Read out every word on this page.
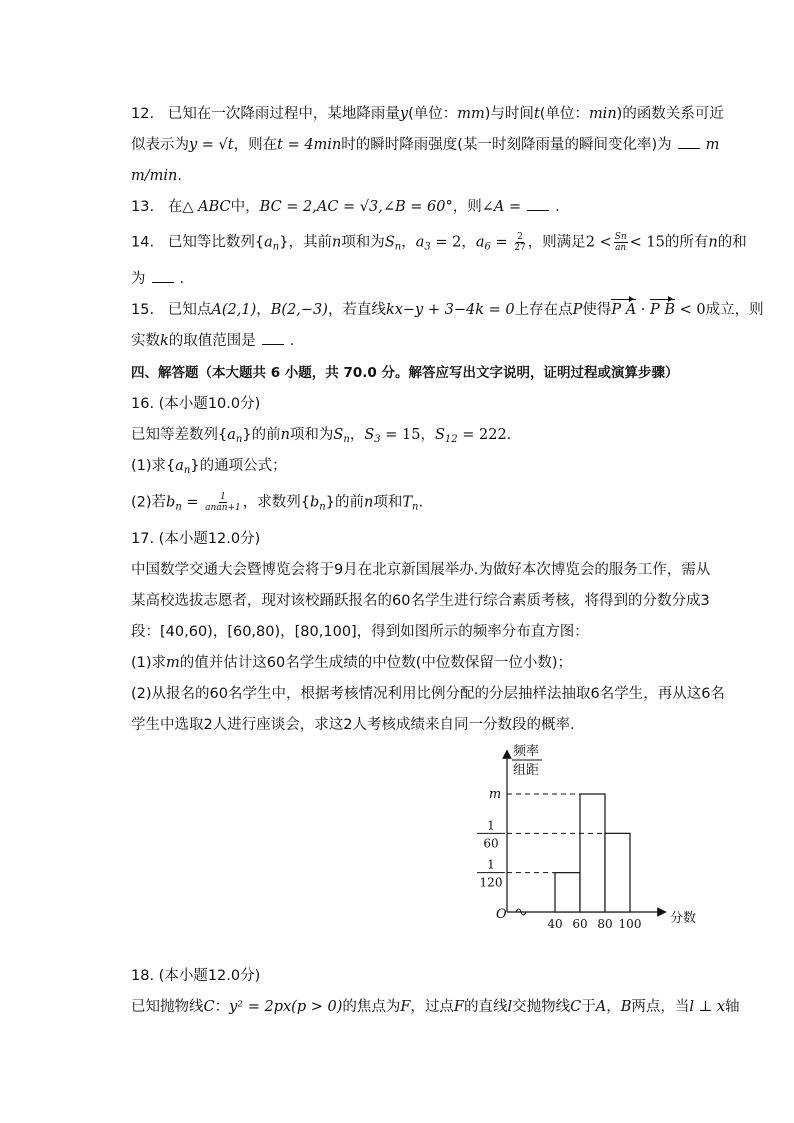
12. 已知在一次降雨过程中，某地降雨量y(单位：mm)与时间t(单位：min)的函数关系可近
似表示为y = √t，则在t = 4min时的瞬时降雨强度(某一时刻降雨量的瞬间变化率)为 m
m/min.
13. 在△ ABC中，BC = 2,AC = √3,∠B = 60°，则∠A = .
14. 已知等比数列$\{a_n\}$，其前n项和为$S_n$，$a_3 = 2$，$a_6 = \frac{2}{27}$ ，则满足$2 < \frac{Sn}{an} < 15$的所有n的和
为 .
15. 已知点A(2,1)，B(2,−3)，若直线kx−y + 3−4k = 0上存在点P使得P A · P B < 0成立，则
实数k的取值范围是 .
四、解答题（本大题共 6 小题，共 70.0 分。解答应写出文字说明，证明过程或演算步骤）
16. (本小题10.0分)
已知等差数列$\{a_n\}$的前n项和为$S_n$，$S_3 = 15$，$S_{12} = 222$.
(1)求$\{a_n\}$的通项公式；
(2)若$b_n = \frac{1}{\text{anan+1}}$ ，求数列$\{b_n\}$的前n项和$T_n$.
17. (本小题12.0分)
中国数学交通大会暨博览会将于9月在北京新国展举办.为做好本次博览会的服务工作，需从
某高校选拔志愿者，现对该校踊跃报名的60名学生进行综合素质考核，将得到的分数分成3
段：[40,60)，[60,80)，[80,100]，得到如图所示的频率分布直方图：
(1)求m的值并估计这60名学生成绩的中位数(中位数保留一位小数)；
(2)从报名的60名学生中，根据考核情况利用比例分配的分层抽样法抽取6名学生，再从这6名
学生中选取2人进行座谈会，求这2人考核成绩来自同一分数段的概率.
频率
组距
O	分数
40 60 80 100
1
120
1
60
m
18. (本小题12.0分)
已知抛物线C：y² = 2px(p > 0)的焦点为F，过点F的直线l交抛物线C于A，B两点，当l ⊥ x轴
